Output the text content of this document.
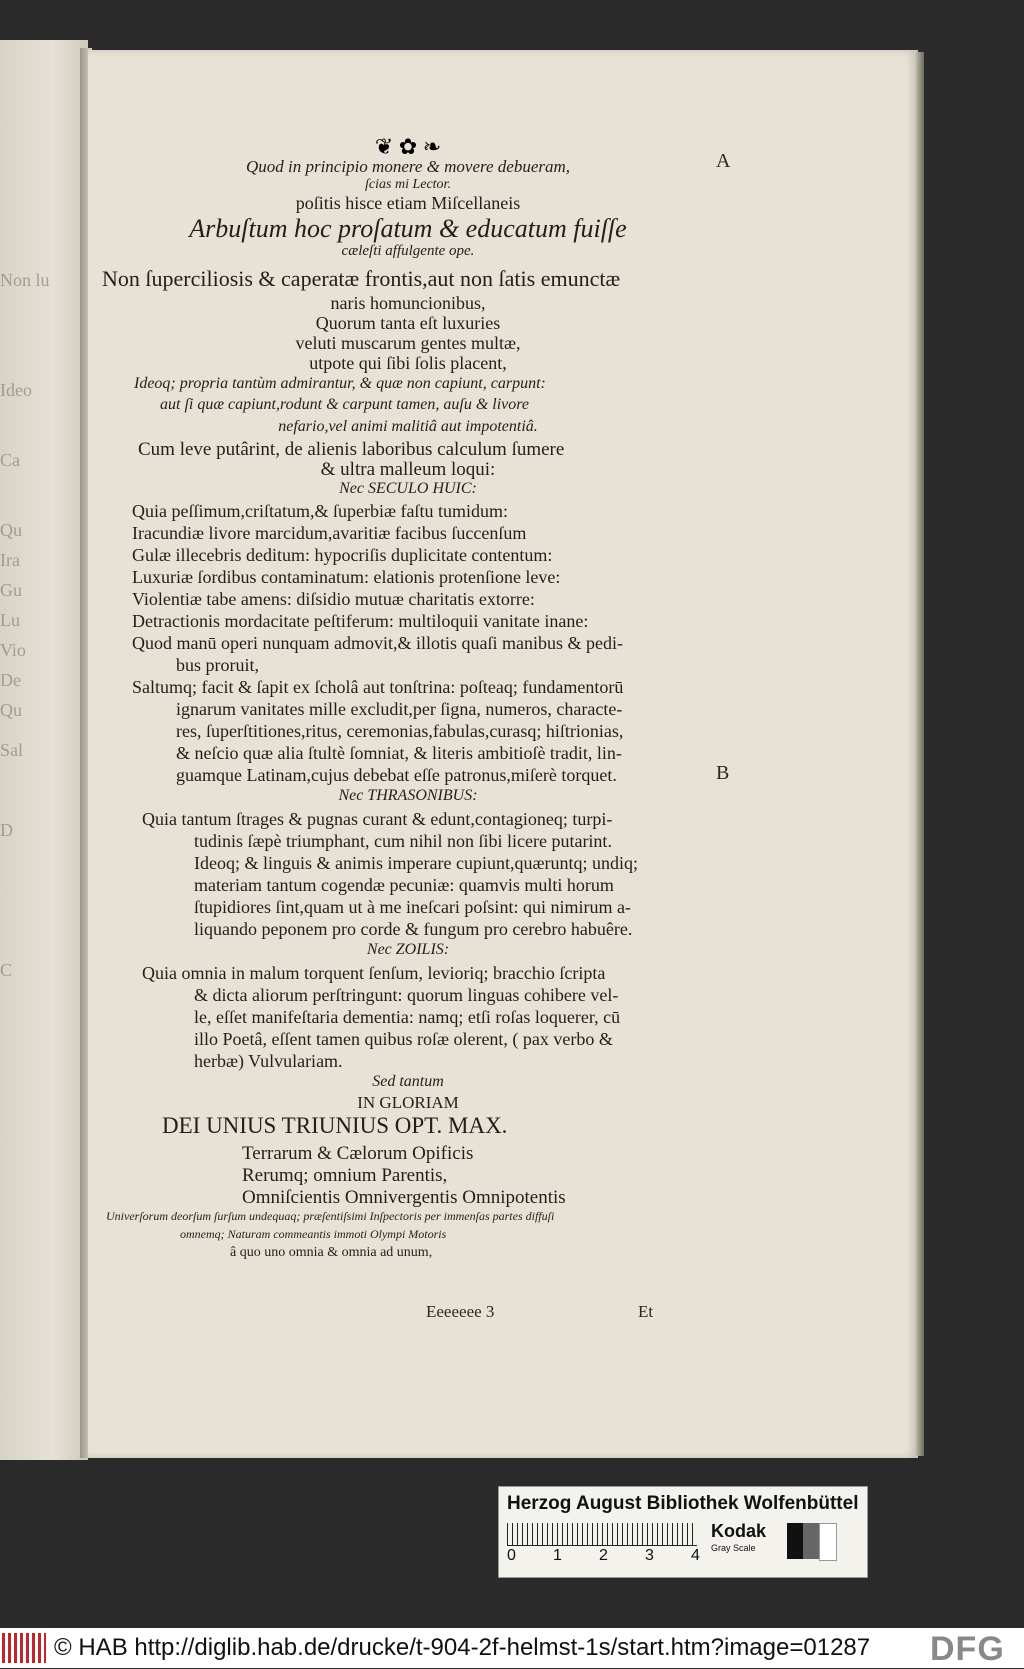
Non lu
Ideo
Ca
Qu
Ira
Gu
Lu
Vio
De
Qu
Sal
D
C
❦ ✿ ❧
Quod in principio monere & movere debueram,
ſcias mi Lector.
poſitis hisce etiam Miſcellaneis
Arbuſtum hoc proſatum & educatum fuiſſe
cæleſti affulgente ope.
Non ſuperciliosis & caperatæ frontis,aut non ſatis emunctæ
naris homuncionibus,
Quorum tanta eſt luxuries
veluti muscarum gentes multæ,
utpote qui ſibi ſolis placent,
Ideoq; propria tantùm admirantur, & quæ non capiunt, carpunt:
aut ſi quæ capiunt,rodunt & carpunt tamen, auſu & livore
nefario,vel animi malitiâ aut impotentiâ.
Cum leve putârint, de alienis laboribus calculum ſumere
& ultra malleum loqui:
Nec SECULO HUIC:
Quia peſſimum,criſtatum,& ſuperbiæ faſtu tumidum:
Iracundiæ livore marcidum,avaritiæ facibus ſuccenſum
Gulæ illecebris deditum: hypocriſis duplicitate contentum:
Luxuriæ ſordibus contaminatum: elationis protenſione leve:
Violentiæ tabe amens: diſsidio mutuæ charitatis extorre:
Detractionis mordacitate peſtiferum: multiloquii vanitate inane:
Quod manū operi nunquam admovit,& illotis quaſi manibus & pedi-
bus proruit,
Saltumq; facit & ſapit ex ſcholâ aut tonſtrina: poſteaq; fundamentorū
ignarum vanitates mille excludit,per ſigna, numeros, characte-
res, ſuperſtitiones,ritus, ceremonias,fabulas,curasq; hiſtrionias,
& neſcio quæ alia ſtultè ſomniat, & literis ambitioſè tradit, lin-
guamque Latinam,cujus debebat eſſe patronus,miſerè torquet.
Nec THRASONIBUS:
Quia tantum ſtrages & pugnas curant & edunt,contagioneq; turpi-
tudinis ſæpè triumphant, cum nihil non ſibi licere putarint.
Ideoq; & linguis & animis imperare cupiunt,quæruntq; undiq;
materiam tantum cogendæ pecuniæ: quamvis multi horum
ſtupidiores ſint,quam ut à me ineſcari poſsint: qui nimirum a-
liquando peponem pro corde & fungum pro cerebro habuêre.
Nec ZOILIS:
Quia omnia in malum torquent ſenſum, levioriq; bracchio ſcripta
& dicta aliorum perſtringunt: quorum linguas cohibere vel-
le, eſſet manifeſtaria dementia: namq; etſi roſas loquerer, cū
illo Poetâ, eſſent tamen quibus roſæ olerent, ( pax verbo &
herbæ) Vulvulariam.
Sed tantum
IN GLORIAM
DEI UNIUS TRIUNIUS OPT. MAX.
Terrarum & Cælorum Opificis
Rerumq; omnium Parentis,
Omniſcientis Omnivergentis Omnipotentis
Univerſorum deorſum ſurſum undequaq; præſentiſsimi Inſpectoris per immenſas partes diffuſi
omnemq; Naturam commeantis immoti Olympi Motoris
â quo uno omnia & omnia ad unum,
A
B
Et
Eeeeeee 3
Herzog August Bibliothek Wolfenbüttel
0 1 2 3 4
Kodak
Gray Scale
© HAB http://diglib.hab.de/drucke/t-904-2f-helmst-1s/start.htm?image=01287 DFG
